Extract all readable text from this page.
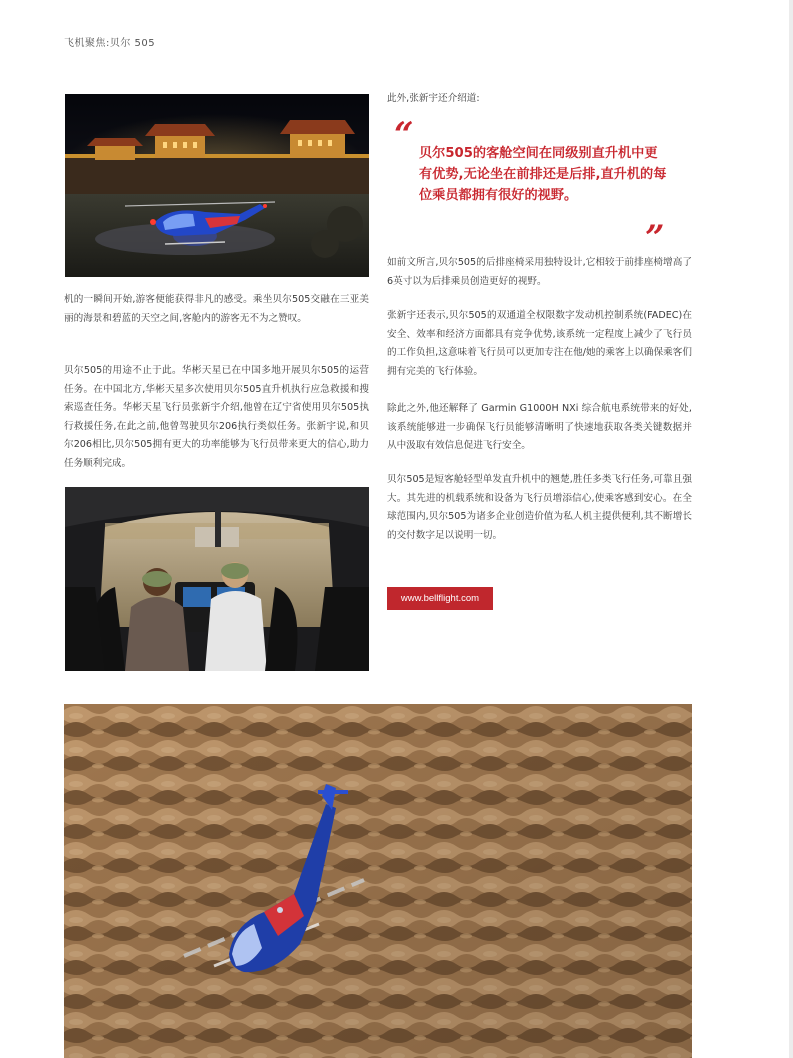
飞机聚焦:贝尔 505

机的一瞬间开始,游客便能获得非凡的感受。乘坐贝尔505交融在三亚美丽的海景和碧蓝的天空之间,客舱内的游客无不为之赞叹。

贝尔505的用途不止于此。华彬天星已在中国多地开展贝尔505的运营任务。在中国北方,华彬天星多次使用贝尔505直升机执行应急救援和搜索巡查任务。华彬天星飞行员张新宇介绍,他曾在辽宁省使用贝尔505执行救援任务,在此之前,他曾驾驶贝尔206执行类似任务。张新宇说,和贝尔206相比,贝尔505拥有更大的功率能够为飞行员带来更大的信心,助力任务顺利完成。

此外,张新宇还介绍道:
“ 贝尔505的客舱空间在同级别直升机中更有优势,无论坐在前排还是后排,直升机的每位乘员都拥有很好的视野。

”

如前文所言,贝尔505的后排座椅采用独特设计,它相较于前排座椅增高了6英寸以为后排乘员创造更好的视野。

张新宇还表示,贝尔505的双通道全权限数字发动机控制系统(FADEC)在安全、效率和经济方面都具有竞争优势,该系统一定程度上减少了飞行员的工作负担,这意味着飞行员可以更加专注在他/她的乘客上以确保乘客们拥有完美的飞行体验。

除此之外,他还解释了 Garmin G1000H NXi 综合航电系统带来的好处,该系统能够进一步确保飞行员能够清晰明了快速地获取各类关键数据并从中汲取有效信息促进飞行安全。

贝尔505是短客舱轻型单发直升机中的翘楚,胜任多类飞行任务,可靠且强大。其先进的机载系统和设备为飞行员增添信心,使乘客感到安心。在全球范围内,贝尔505为诸多企业创造价值为私人机主提供便利,其不断增长的交付数字足以说明一切。

www.bellflight.com
